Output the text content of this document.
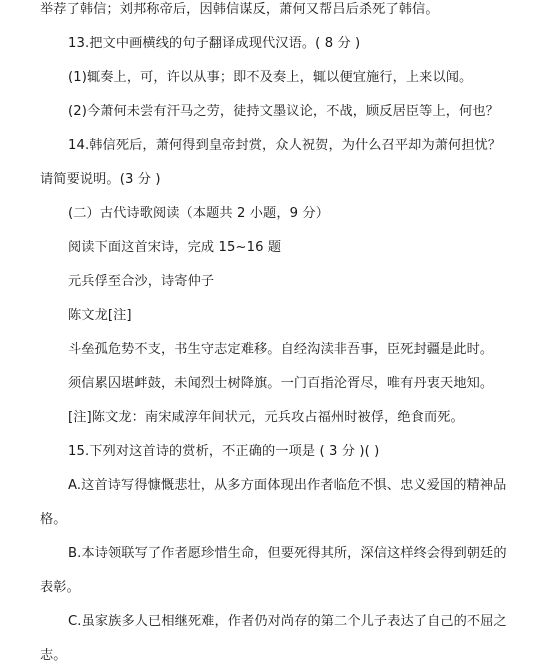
举荐了韩信；刘邦称帝后，因韩信谋反，萧何又帮吕后杀死了韩信。
13.把文中画横线的句子翻译成现代汉语。( 8 分 )
(1)辄奏上，可，许以从事；即不及奏上，辄以便宜施行，上来以闻。
(2)今萧何未尝有汗马之劳，徒持文墨议论，不战，顾反居臣等上，何也？
14.韩信死后，萧何得到皇帝封赏，众人祝贺，为什么召平却为萧何担忧？
请简要说明。(3 分 )
(二）古代诗歌阅读（本题共 2 小题，9 分）
阅读下面这首宋诗，完成 15~16 题
元兵俘至合沙，诗寄仲子
陈文龙[注]
斗垒孤危势不支，书生守志定难移。自经沟渎非吾事，臣死封疆是此时。
须信累囚堪衅鼓，未闻烈士树降旗。一门百指沦胥尽，唯有丹衷天地知。
[注]陈文龙：南宋咸淳年间状元，元兵攻占福州时被俘，绝食而死。
15.下列对这首诗的赏析，不正确的一项是 ( 3 分 )( )
A.这首诗写得慷慨悲壮，从多方面体现出作者临危不惧、忠义爱国的精神品
格。
B.本诗领联写了作者愿珍惜生命，但要死得其所，深信这样终会得到朝廷的
表彰。
C.虽家族多人已相继死难，作者仍对尚存的第二个儿子表达了自己的不屈之
志。
